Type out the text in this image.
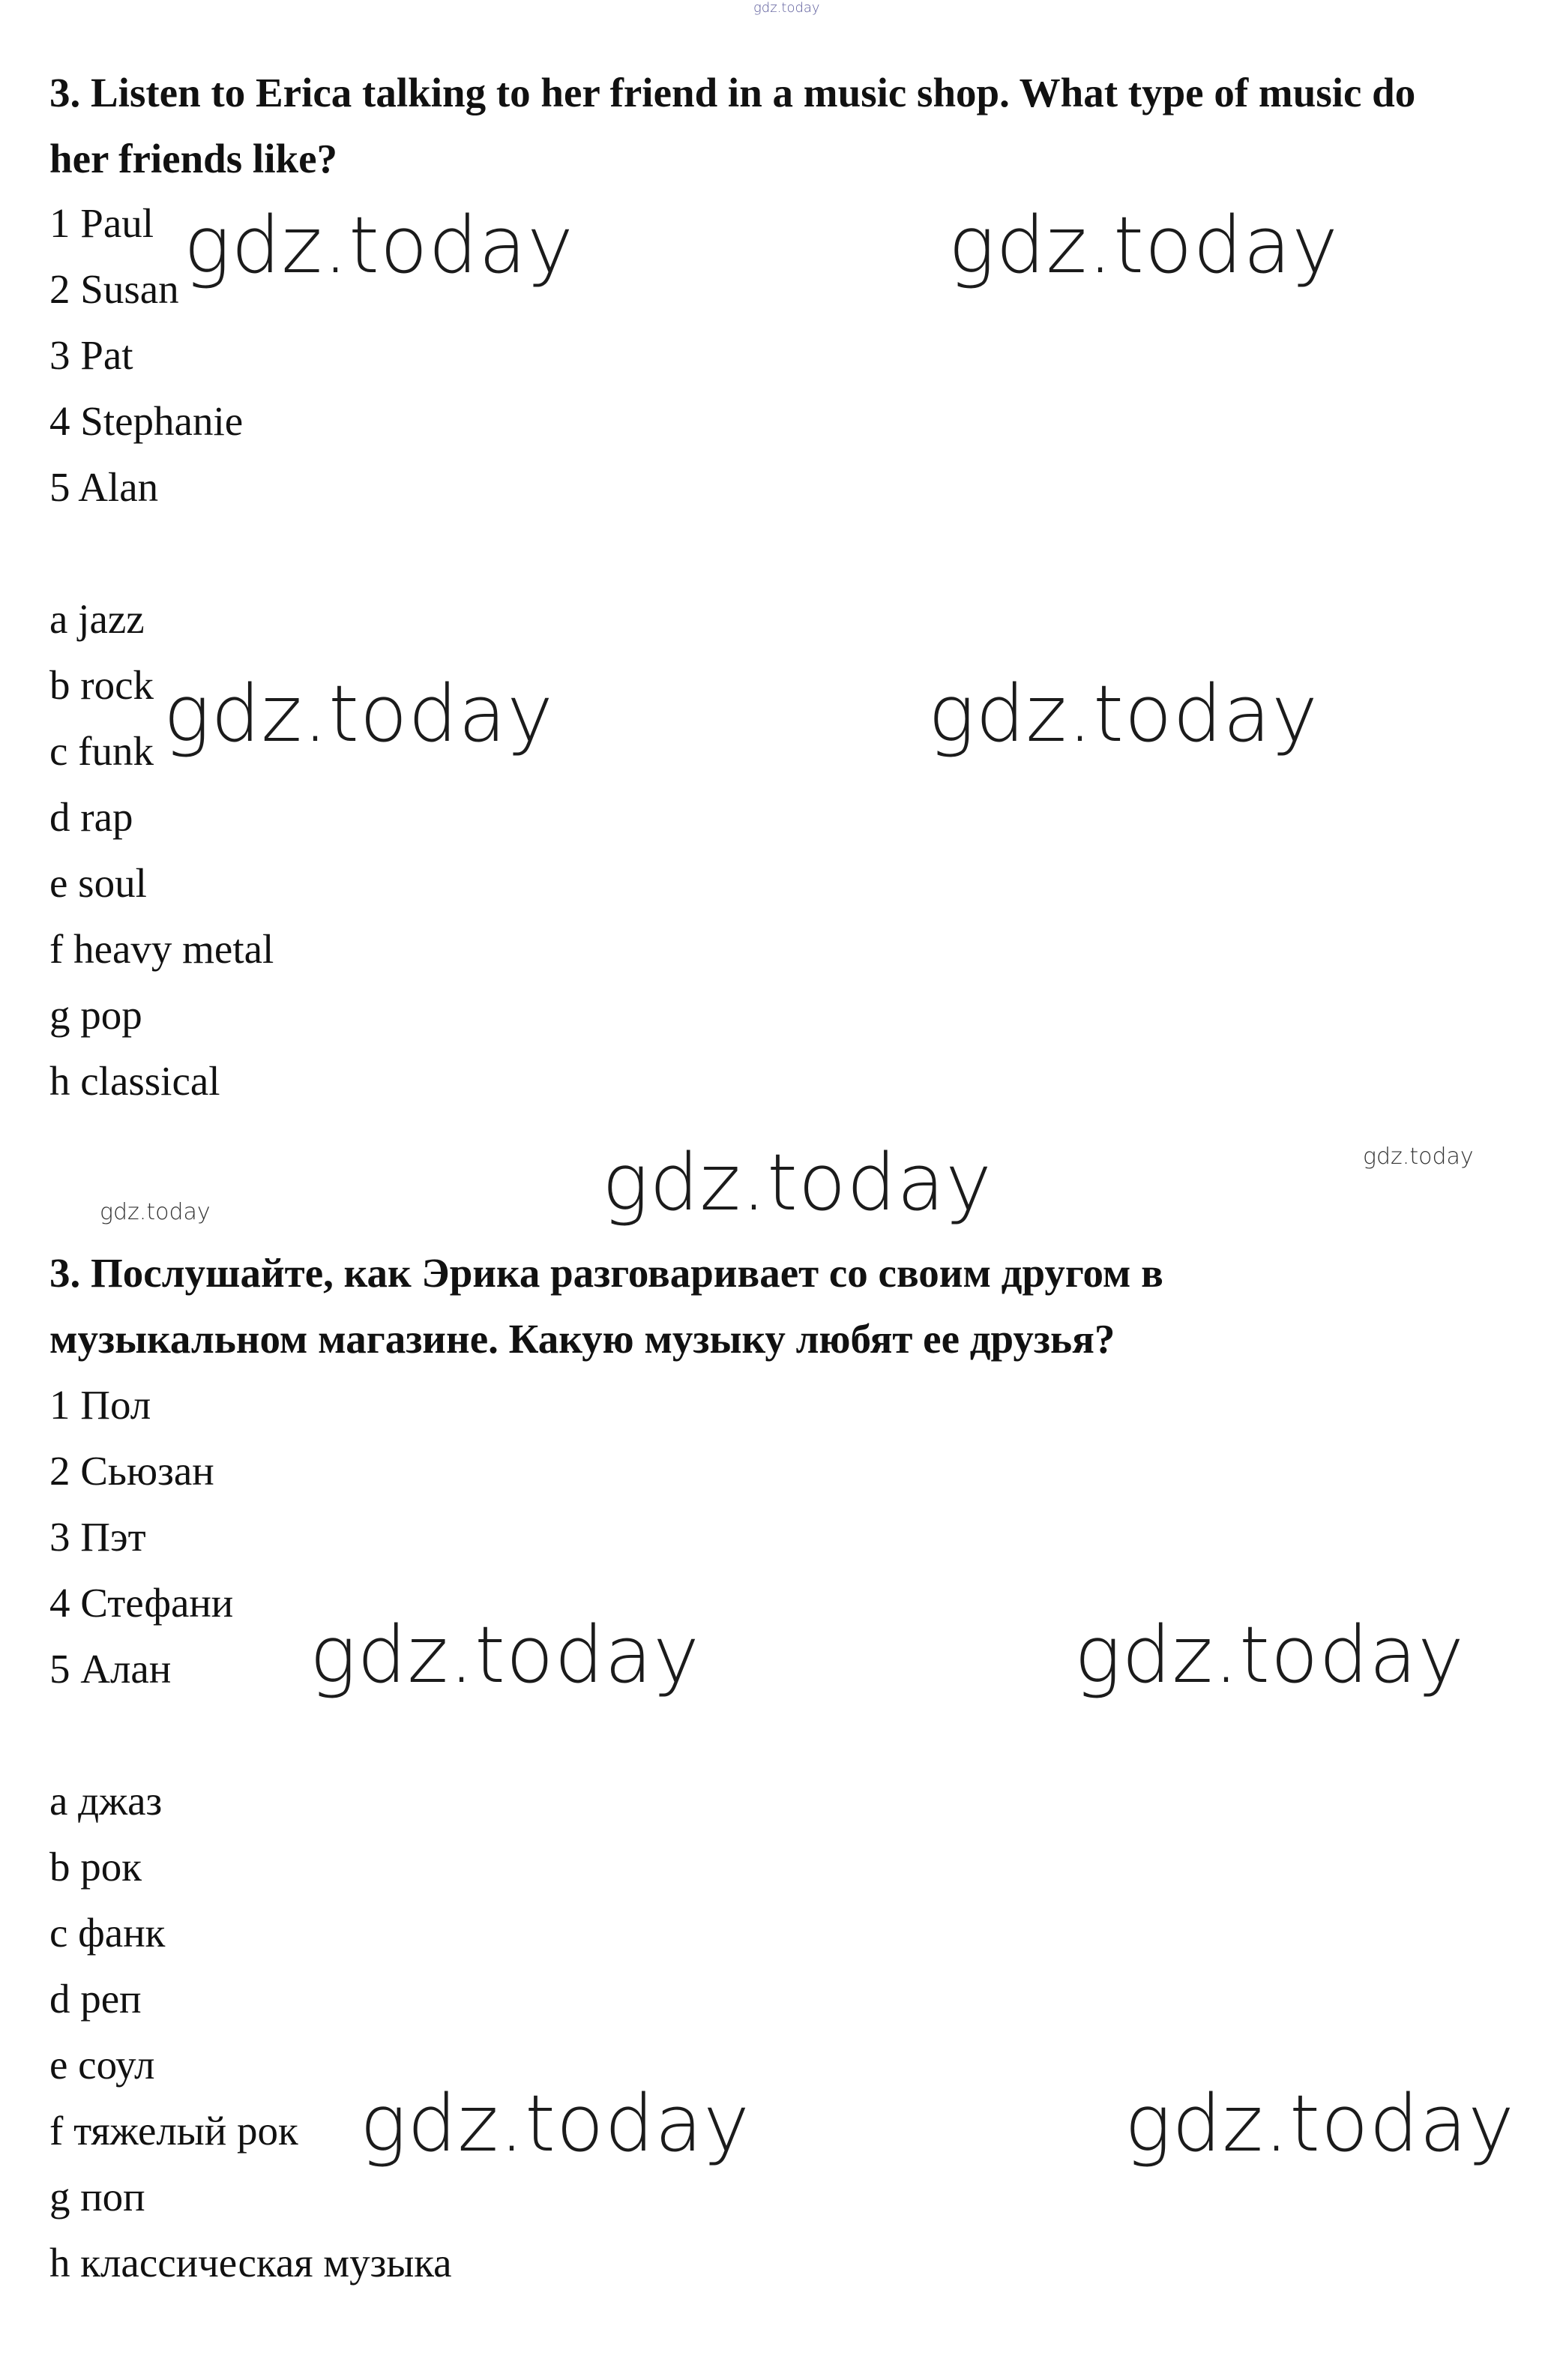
gdz.today
3. Listen to Erica talking to her friend in a music shop. What type of music do
her friends like?
1 Paul
2 Susan
3 Pat
4 Stephanie
5 Alan
a jazz
b rock
c funk
d rap
e soul
f heavy metal
g pop
h classical
3. Послушайте, как Эрика разговаривает со своим другом в
музыкальном магазине. Какую музыку любят ее друзья?
1 Пол
2 Сьюзан
3 Пэт
4 Стефани
5 Алан
a джаз
b рок
c фанк
d реп
e соул
f тяжелый рок
g поп
h классическая музыка
gdz.today	gdz.today
gdz.today	gdz.today
gdz.today
gdz.today	gdz.today
gdz.today	gdz.today
gdz.today
gdz.today
